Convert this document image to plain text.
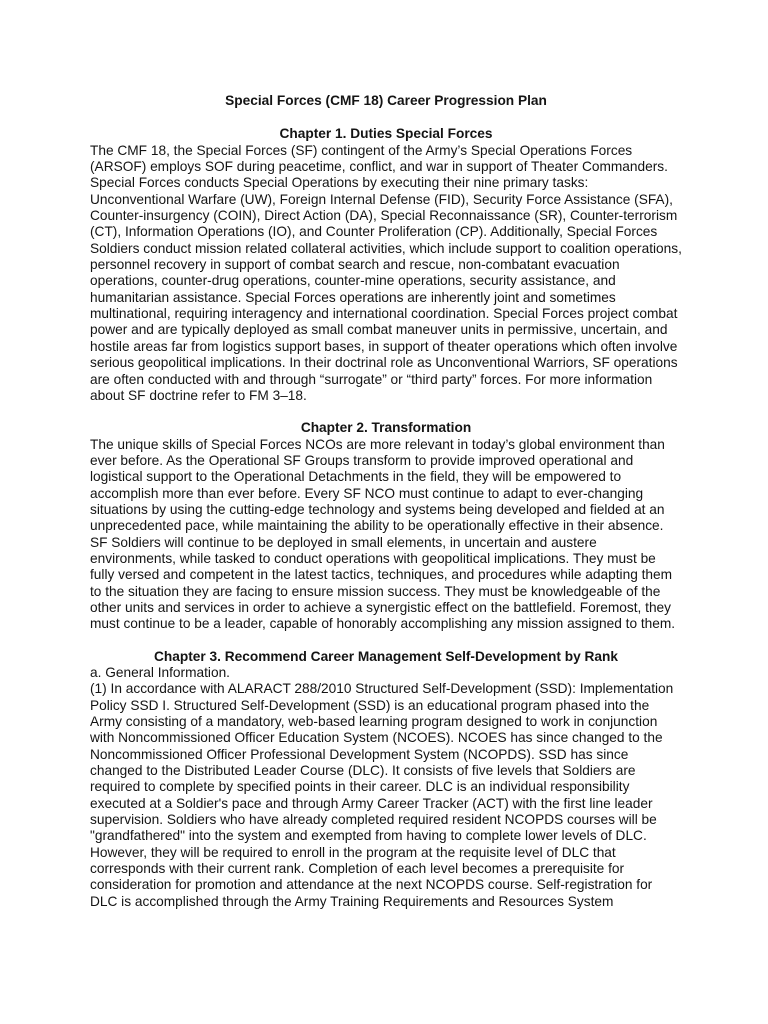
Special Forces (CMF 18) Career Progression Plan
Chapter 1. Duties Special Forces

The CMF 18, the Special Forces (SF) contingent of the Army’s Special Operations Forces (ARSOF) employs SOF during peacetime, conflict, and war in support of Theater Commanders. Special Forces conducts Special Operations by executing their nine primary tasks: Unconventional Warfare (UW), Foreign Internal Defense (FID), Security Force Assistance (SFA), Counter-insurgency (COIN), Direct Action (DA), Special Reconnaissance (SR), Counter-terrorism (CT), Information Operations (IO), and Counter Proliferation (CP). Additionally, Special Forces Soldiers conduct mission related collateral activities, which include support to coalition operations, personnel recovery in support of combat search and rescue, non-combatant evacuation operations, counter-drug operations, counter-mine operations, security assistance, and humanitarian assistance. Special Forces operations are inherently joint and sometimes multinational, requiring interagency and international coordination. Special Forces project combat power and are typically deployed as small combat maneuver units in permissive, uncertain, and hostile areas far from logistics support bases, in support of theater operations which often involve serious geopolitical implications. In their doctrinal role as Unconventional Warriors, SF operations are often conducted with and through “surrogate” or “third party” forces. For more information about SF doctrine refer to FM 3–18.

Chapter 2. Transformation

The unique skills of Special Forces NCOs are more relevant in today’s global environment than ever before. As the Operational SF Groups transform to provide improved operational and logistical support to the Operational Detachments in the field, they will be empowered to accomplish more than ever before. Every SF NCO must continue to adapt to ever-changing situations by using the cutting-edge technology and systems being developed and fielded at an unprecedented pace, while maintaining the ability to be operationally effective in their absence. SF Soldiers will continue to be deployed in small elements, in uncertain and austere environments, while tasked to conduct operations with geopolitical implications. They must be fully versed and competent in the latest tactics, techniques, and procedures while adapting them to the situation they are facing to ensure mission success. They must be knowledgeable of the other units and services in order to achieve a synergistic effect on the battlefield. Foremost, they must continue to be a leader, capable of honorably accomplishing any mission assigned to them.

Chapter 3. Recommend Career Management Self-Development by Rank

a. General Information.

(1) In accordance with ALARACT 288/2010 Structured Self-Development (SSD): Implementation Policy SSD I. Structured Self-Development (SSD) is an educational program phased into the Army consisting of a mandatory, web-based learning program designed to work in conjunction with Noncommissioned Officer Education System (NCOES). NCOES has since changed to the Noncommissioned Officer Professional Development System (NCOPDS). SSD has since changed to the Distributed Leader Course (DLC). It consists of five levels that Soldiers are required to complete by specified points in their career. DLC is an individual responsibility executed at a Soldier's pace and through Army Career Tracker (ACT) with the first line leader supervision. Soldiers who have already completed required resident NCOPDS courses will be "grandfathered" into the system and exempted from having to complete lower levels of DLC. However, they will be required to enroll in the program at the requisite level of DLC that corresponds with their current rank. Completion of each level becomes a prerequisite for consideration for promotion and attendance at the next NCOPDS course. Self-registration for DLC is accomplished through the Army Training Requirements and Resources System
